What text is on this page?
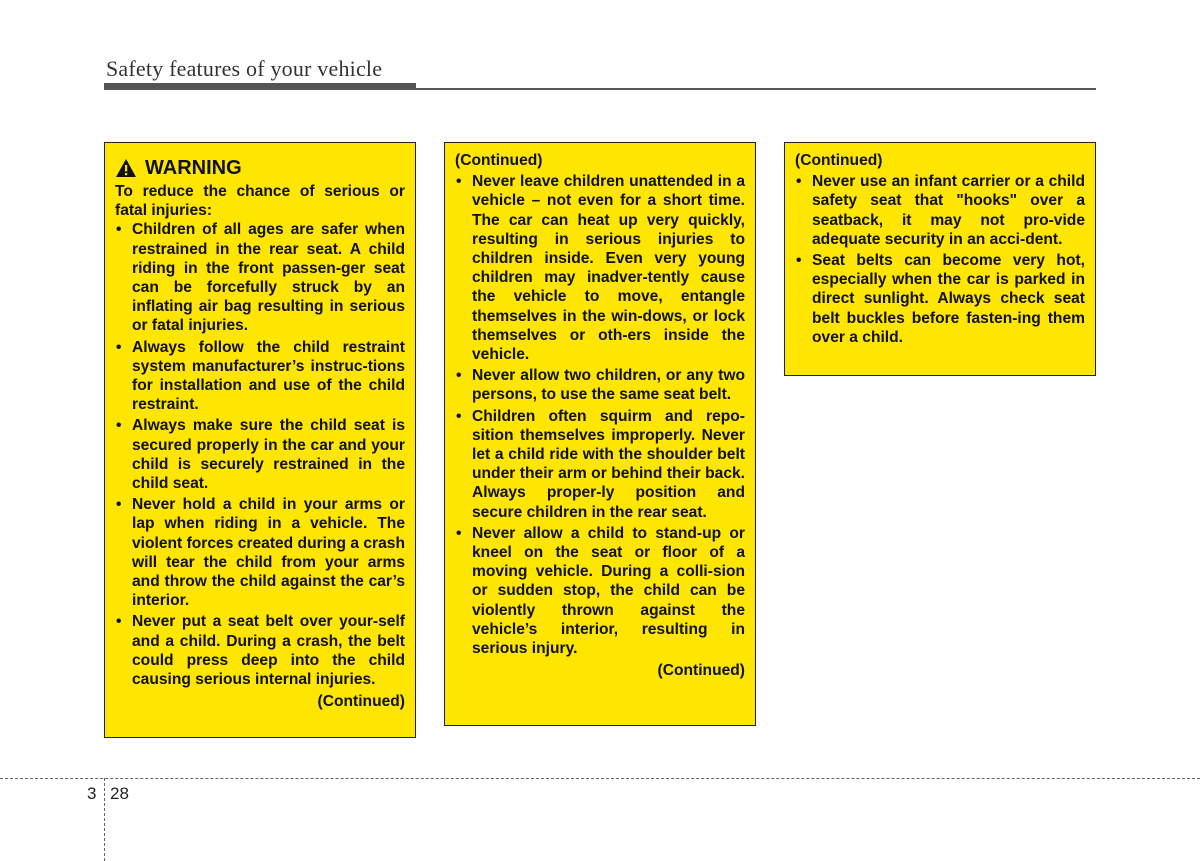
Safety features of your vehicle
WARNING
To reduce the chance of serious or fatal injuries:
• Children of all ages are safer when restrained in the rear seat. A child riding in the front passen-ger seat can be forcefully struck by an inflating air bag resulting in serious or fatal injuries.
• Always follow the child restraint system manufacturer’s instruc-tions for installation and use of the child restraint.
• Always make sure the child seat is secured properly in the car and your child is securely restrained in the child seat.
• Never hold a child in your arms or lap when riding in a vehicle. The violent forces created during a crash will tear the child from your arms and throw the child against the car’s interior.
• Never put a seat belt over your-self and a child. During a crash, the belt could press deep into the child causing serious internal injuries.
(Continued)
(Continued)
• Never leave children unattended in a vehicle – not even for a short time. The car can heat up very quickly, resulting in serious injuries to children inside. Even very young children may inadver-tently cause the vehicle to move, entangle themselves in the win-dows, or lock themselves or oth-ers inside the vehicle.
• Never allow two children, or any two persons, to use the same seat belt.
• Children often squirm and repo-sition themselves improperly. Never let a child ride with the shoulder belt under their arm or behind their back. Always proper-ly position and secure children in the rear seat.
• Never allow a child to stand-up or kneel on the seat or floor of a moving vehicle. During a colli-sion or sudden stop, the child can be violently thrown against the vehicle’s interior, resulting in serious injury.
(Continued)
(Continued)
• Never use an infant carrier or a child safety seat that "hooks" over a seatback, it may not pro-vide adequate security in an acci-dent.
• Seat belts can become very hot, especially when the car is parked in direct sunlight. Always check seat belt buckles before fasten-ing them over a child.
3 28
